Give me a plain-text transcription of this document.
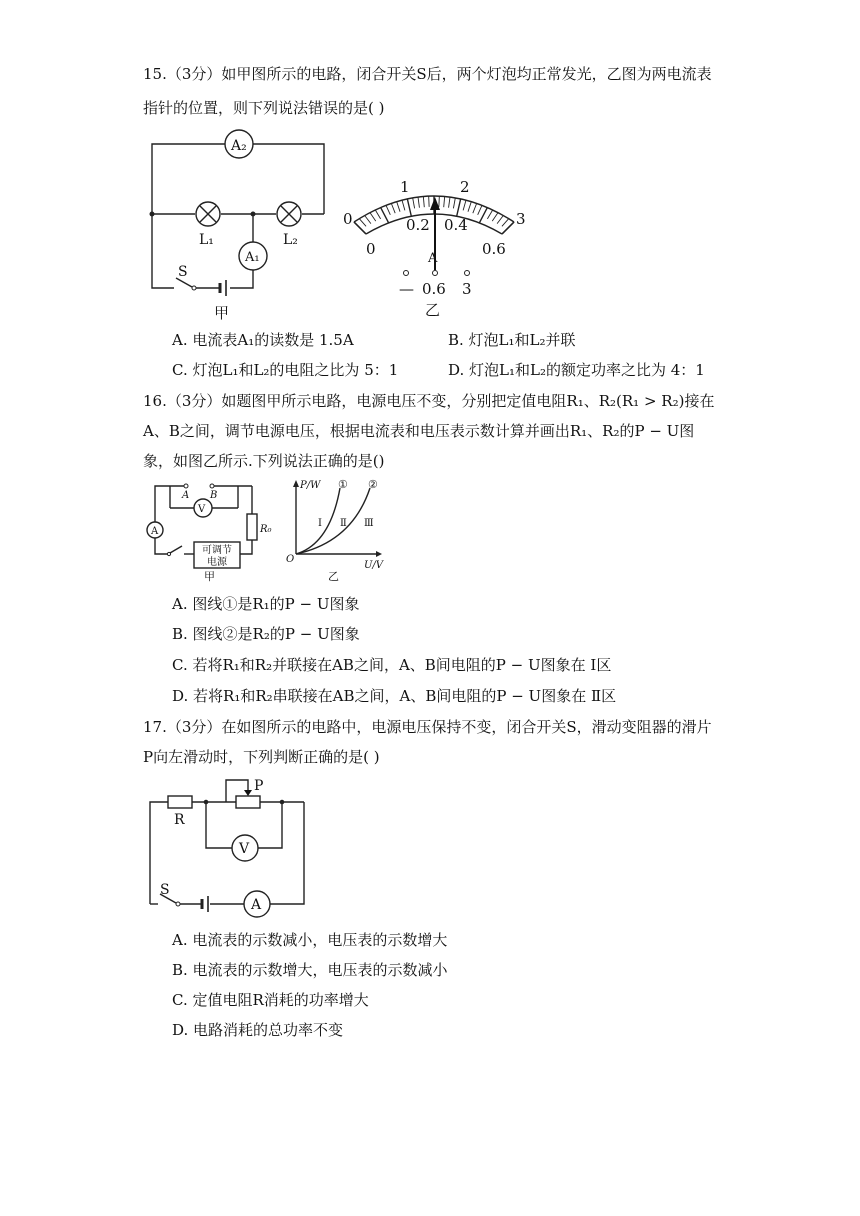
15.（3分）如甲图所示的电路，闭合开关S后，两个灯泡均正常发光，乙图为两电流表
指针的位置，则下列说法错误的是( )
A₂
L₁	L₂
A₁
S
甲
0
1	2
3
0
0.2 0.4
0.6
A
— 0.6 3
乙
A. 电流表A₁的读数是 1.5A	B. 灯泡L₁和L₂并联
C. 灯泡L₁和L₂的电阻之比为 5：1	D. 灯泡L₁和L₂的额定功率之比为 4：1
16.（3分）如题图甲所示电路，电源电压不变，分别把定值电阻R₁、R₂(R₁ > R₂)接在
A、B之间，调节电源电压，根据电流表和电压表示数计算并画出R₁、R₂的P − U图
象，如图乙所示.下列说法正确的是()
A B
V
R₀
A
可调节
电源
甲
P/W
U/V
O
① ②
Ⅰ Ⅱ Ⅲ
乙
A. 图线①是R₁的P − U图象
B. 图线②是R₂的P − U图象
C. 若将R₁和R₂并联接在AB之间，A、B间电阻的P − U图象在 Ⅰ区
D. 若将R₁和R₂串联接在AB之间，A、B间电阻的P − U图象在 Ⅱ区
17.（3分）在如图所示的电路中，电源电压保持不变，闭合开关S，滑动变阻器的滑片
P向左滑动时，下列判断正确的是( )
R
P
V
A
S
A. 电流表的示数减小，电压表的示数增大
B. 电流表的示数增大，电压表的示数减小
C. 定值电阻R消耗的功率增大
D. 电路消耗的总功率不变
